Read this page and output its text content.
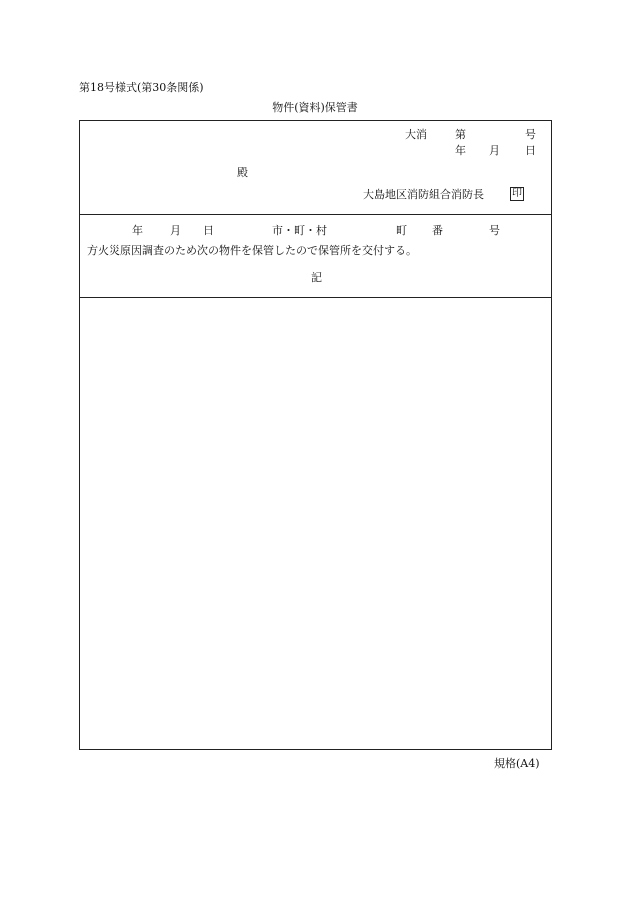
第18号様式(第30条関係)
物件(資料)保管書
大消	第	号
年 月 日
殿
大島地区消防組合消防長	印
年 月 日	市・町・村	町 番	号
方火災原因調査のため次の物件を保管したので保管所を交付する。
記
規格(A4)
